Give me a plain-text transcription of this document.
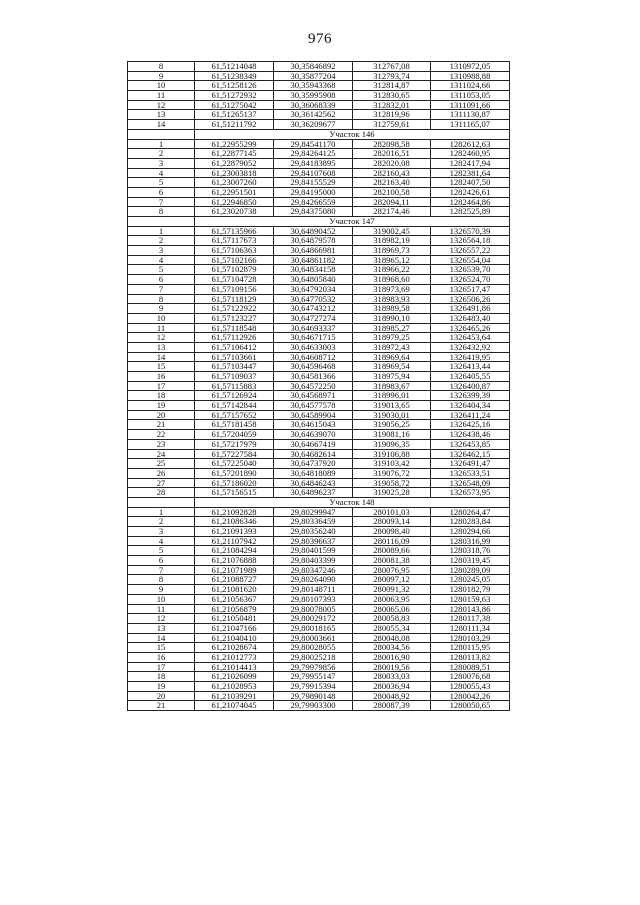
976
8	61,51214048	30,35846892	312767,08	1310972,05
9	61,51238349	30,35877204	312793,74	1310988,88
10	61,51258126	30,35943368	312814,87	1311024,66
11	61,51272932	30,35995908	312830,65	1311053,05
12	61,51275042	30,36068339	312832,01	1311091,66
13	61,51265137	30,36142562	312819,96	1311130,87
14	61,51211792	30,36209677	312759,61	1311165,07
	Участок 146			
1	61,22955299	29,84541170	282098,58	1282612,63
2	61,22877145	29,84264125	282016,51	1282460,95
3	61,22879052	29,84183895	282020,08	1282417,94
4	61,23003818	29,84107608	282160,43	1282381,64
5	61,23007260	29,84155529	282163,40	1282407,50
6	61,22951501	29,84195000	282100,58	1282426,61
7	61,22946850	29,84266559	282094,11	1282464,86
8	61,23020738	29,84375080	282174,46	1282525,89
	Участок 147			
1	61,57135966	30,64890452	319002,45	1326570,39
2	61,57117673	30,64879578	318982,19	1326564,18
3	61,57106363	30,64866981	318969,73	1326557,22
4	61,57102166	30,64861182	318965,12	1326554,04
5	61,57102879	30,64834158	318966,22	1326539,70
6	61,57104728	30,64805840	318968,60	1326524,70
7	61,57109156	30,64792034	318973,69	1326517,47
8	61,57118129	30,64770532	318983,93	1326506,26
9	61,57122922	30,64743212	318989,58	1326491,86
10	61,57123227	30,64727274	318990,10	1326483,40
11	61,57118548	30,64693337	318985,27	1326465,26
12	61,57112926	30,64671715	318979,25	1326453,64
13	61,57106412	30,64633003	318972,43	1326432,92
14	61,57103661	30,64608712	318969,64	1326419,95
15	61,57103447	30,64596468	318969,54	1326413,44
16	61,57109037	30,64581366	318975,94	1326405,55
17	61,57115883	30,64572250	318983,67	1326400,87
18	61,57126924	30,64568971	318996,01	1326399,39
19	61,57142844	30,64577578	319013,65	1326404,34
20	61,57157652	30,64589904	319030,01	1326411,24
21	61,57181458	30,64615043	319056,25	1326425,16
22	61,57204059	30,64639070	319081,16	1326438,46
23	61,57217979	30,64667419	319096,35	1326453,85
24	61,57227584	30,64682614	319106,88	1326462,15
25	61,57225040	30,64737920	319103,42	1326491,47
26	61,57201890	30,64818089	319076,72	1326533,51
27	61,57186020	30,64846243	319058,72	1326548,09
28	61,57156515	30,64896237	319025,28	1326573,95
	Участок 148			
1	61,21092828	29,80299947	280101,03	1280264,47
2	61,21086346	29,80336459	280093,14	1280283,84
3	61,21091393	29,80356240	280098,40	1280294,66
4	61,21107942	29,80396637	280116,09	1280316,99
5	61,21084294	29,80401599	280089,66	1280318,76
6	61,21076888	29,80403399	280081,38	1280319,45
7	61,21071989	29,80347246	280076,95	1280289,09
8	61,21088727	29,80264090	280097,12	1280245,05
9	61,21081620	29,80148711	280091,32	1280182,79
10	61,21056367	29,80107393	280063,95	1280159,63
11	61,21056879	29,80078005	280065,06	1280143,86
12	61,21050481	29,80029172	280058,83	1280117,38
13	61,21047166	29,80018165	280055,34	1280111,34
14	61,21040410	29,80003661	280048,08	1280103,29
15	61,21028674	29,80028055	280034,56	1280115,95
16	61,21012773	29,80025218	280016,90	1280113,82
17	61,21014413	29,79979856	280019,56	1280089,51
18	61,21026099	29,79955147	280033,03	1280076,68
19	61,21028953	29,79915394	280036,94	1280055,43
20	61,21039291	29,79890148	280048,92	1280042,26
21	61,21074045	29,79903300	280087,39	1280050,65
